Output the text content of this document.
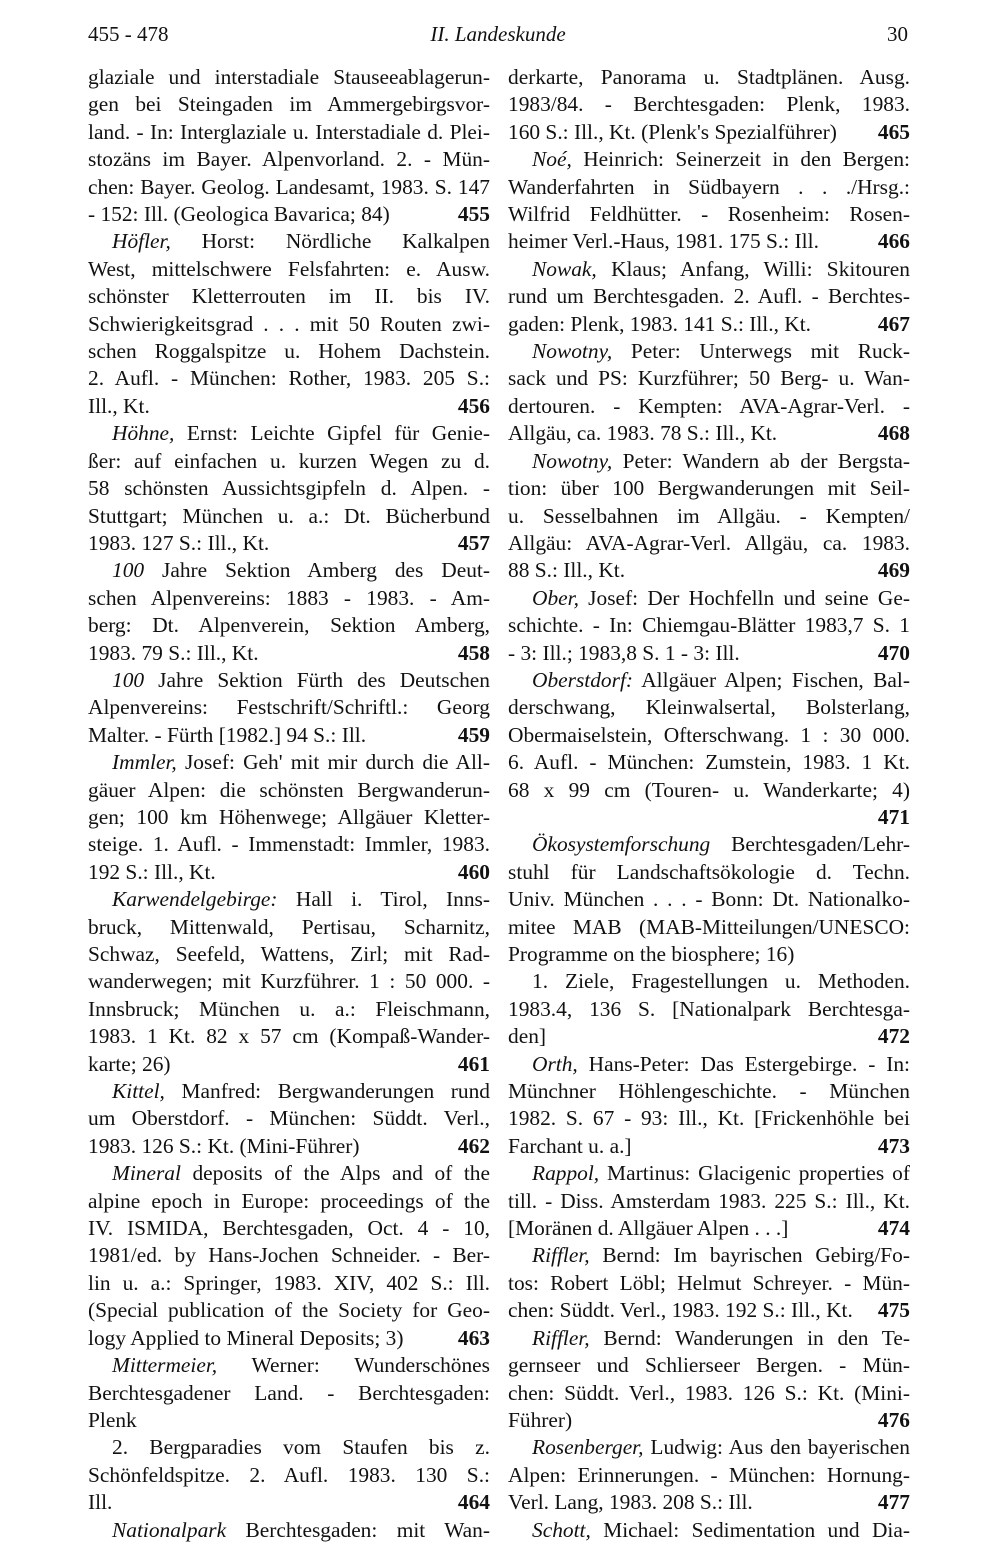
455 - 478	II. Landeskunde	30
glaziale und interstadiale Stauseeablagerun-
gen bei Steingaden im Ammergebirgsvor-
land. - In: Interglaziale u. Interstadiale d. Plei-
stozäns im Bayer. Alpenvorland. 2. - Mün-
chen: Bayer. Geolog. Landesamt, 1983. S. 147
- 152: Ill. (Geologica Bavarica; 84)	455
Höfler, Horst: Nördliche Kalkalpen
West, mittelschwere Felsfahrten: e. Ausw.
schönster Kletterrouten im II. bis IV.
Schwierigkeitsgrad . . . mit 50 Routen zwi-
schen Roggalspitze u. Hohem Dachstein.
2. Aufl. - München: Rother, 1983. 205 S.:
Ill., Kt.	456
Höhne, Ernst: Leichte Gipfel für Genie-
ßer: auf einfachen u. kurzen Wegen zu d.
58 schönsten Aussichtsgipfeln d. Alpen. -
Stuttgart; München u. a.: Dt. Bücherbund
1983. 127 S.: Ill., Kt.	457
100 Jahre Sektion Amberg des Deut-
schen Alpenvereins: 1883 - 1983. - Am-
berg: Dt. Alpenverein, Sektion Amberg,
1983. 79 S.: Ill., Kt.	458
100 Jahre Sektion Fürth des Deutschen
Alpenvereins: Festschrift/Schriftl.: Georg
Malter. - Fürth [1982.] 94 S.: Ill.	459
Immler, Josef: Geh' mit mir durch die All-
gäuer Alpen: die schönsten Bergwanderun-
gen; 100 km Höhenwege; Allgäuer Kletter-
steige. 1. Aufl. - Immenstadt: Immler, 1983.
192 S.: Ill., Kt.	460
Karwendelgebirge: Hall i. Tirol, Inns-
bruck, Mittenwald, Pertisau, Scharnitz,
Schwaz, Seefeld, Wattens, Zirl; mit Rad-
wanderwegen; mit Kurzführer. 1 : 50 000. -
Innsbruck; München u. a.: Fleischmann,
1983. 1 Kt. 82 x 57 cm (Kompaß-Wander-
karte; 26)	461
Kittel, Manfred: Bergwanderungen rund
um Oberstdorf. - München: Süddt. Verl.,
1983. 126 S.: Kt. (Mini-Führer)	462
Mineral deposits of the Alps and of the
alpine epoch in Europe: proceedings of the
IV. ISMIDA, Berchtesgaden, Oct. 4 - 10,
1981/ed. by Hans-Jochen Schneider. - Ber-
lin u. a.: Springer, 1983. XIV, 402 S.: Ill.
(Special publication of the Society for Geo-
logy Applied to Mineral Deposits; 3)	463
Mittermeier, Werner: Wunderschönes
Berchtesgadener Land. - Berchtesgaden:
Plenk
2. Bergparadies vom Staufen bis z.
Schönfeldspitze. 2. Aufl. 1983. 130 S.:
Ill.	464
Nationalpark Berchtesgaden: mit Wan-
derkarte, Panorama u. Stadtplänen. Ausg.
1983/84. - Berchtesgaden: Plenk, 1983.
160 S.: Ill., Kt. (Plenk's Spezialführer) 465
Noé, Heinrich: Seinerzeit in den Bergen:
Wanderfahrten in Südbayern . . ./Hrsg.:
Wilfrid Feldhütter. - Rosenheim: Rosen-
heimer Verl.-Haus, 1981. 175 S.: Ill.	466
Nowak, Klaus; Anfang, Willi: Skitouren
rund um Berchtesgaden. 2. Aufl. - Berchtes-
gaden: Plenk, 1983. 141 S.: Ill., Kt.	467
Nowotny, Peter: Unterwegs mit Ruck-
sack und PS: Kurzführer; 50 Berg- u. Wan-
dertouren. - Kempten: AVA-Agrar-Verl. -
Allgäu, ca. 1983. 78 S.: Ill., Kt.	468
Nowotny, Peter: Wandern ab der Bergsta-
tion: über 100 Bergwanderungen mit Seil-
u. Sesselbahnen im Allgäu. - Kempten/
Allgäu: AVA-Agrar-Verl. Allgäu, ca. 1983.
88 S.: Ill., Kt.	469
Ober, Josef: Der Hochfelln und seine Ge-
schichte. - In: Chiemgau-Blätter 1983,7 S. 1
- 3: Ill.; 1983,8 S. 1 - 3: Ill.	470
Oberstdorf: Allgäuer Alpen; Fischen, Bal-
derschwang, Kleinwalsertal, Bolsterlang,
Obermaiselstein, Ofterschwang. 1 : 30 000.
6. Aufl. - München: Zumstein, 1983. 1 Kt.
68 x 99 cm (Touren- u. Wanderkarte; 4)
471
Ökosystemforschung Berchtesgaden/Lehr-
stuhl für Landschaftsökologie d. Techn.
Univ. München . . . - Bonn: Dt. Nationalko-
mitee MAB (MAB-Mitteilungen/UNESCO:
Programme on the biosphere; 16)
1. Ziele, Fragestellungen u. Methoden.
1983.4, 136 S. [Nationalpark Berchtesga-
den]	472
Orth, Hans-Peter: Das Estergebirge. - In:
Münchner Höhlengeschichte. - München
1982. S. 67 - 93: Ill., Kt. [Frickenhöhle bei
Farchant u. a.]	473
Rappol, Martinus: Glacigenic properties of
till. - Diss. Amsterdam 1983. 225 S.: Ill., Kt.
[Moränen d. Allgäuer Alpen . . .]	474
Riffler, Bernd: Im bayrischen Gebirg/Fo-
tos: Robert Löbl; Helmut Schreyer. - Mün-
chen: Süddt. Verl., 1983. 192 S.: Ill., Kt. 475
Riffler, Bernd: Wanderungen in den Te-
gernseer und Schlierseer Bergen. - Mün-
chen: Süddt. Verl., 1983. 126 S.: Kt. (Mini-
Führer)	476
Rosenberger, Ludwig: Aus den bayerischen
Alpen: Erinnerungen. - München: Hornung-
Verl. Lang, 1983. 208 S.: Ill.	477
Schott, Michael: Sedimentation und Dia-
